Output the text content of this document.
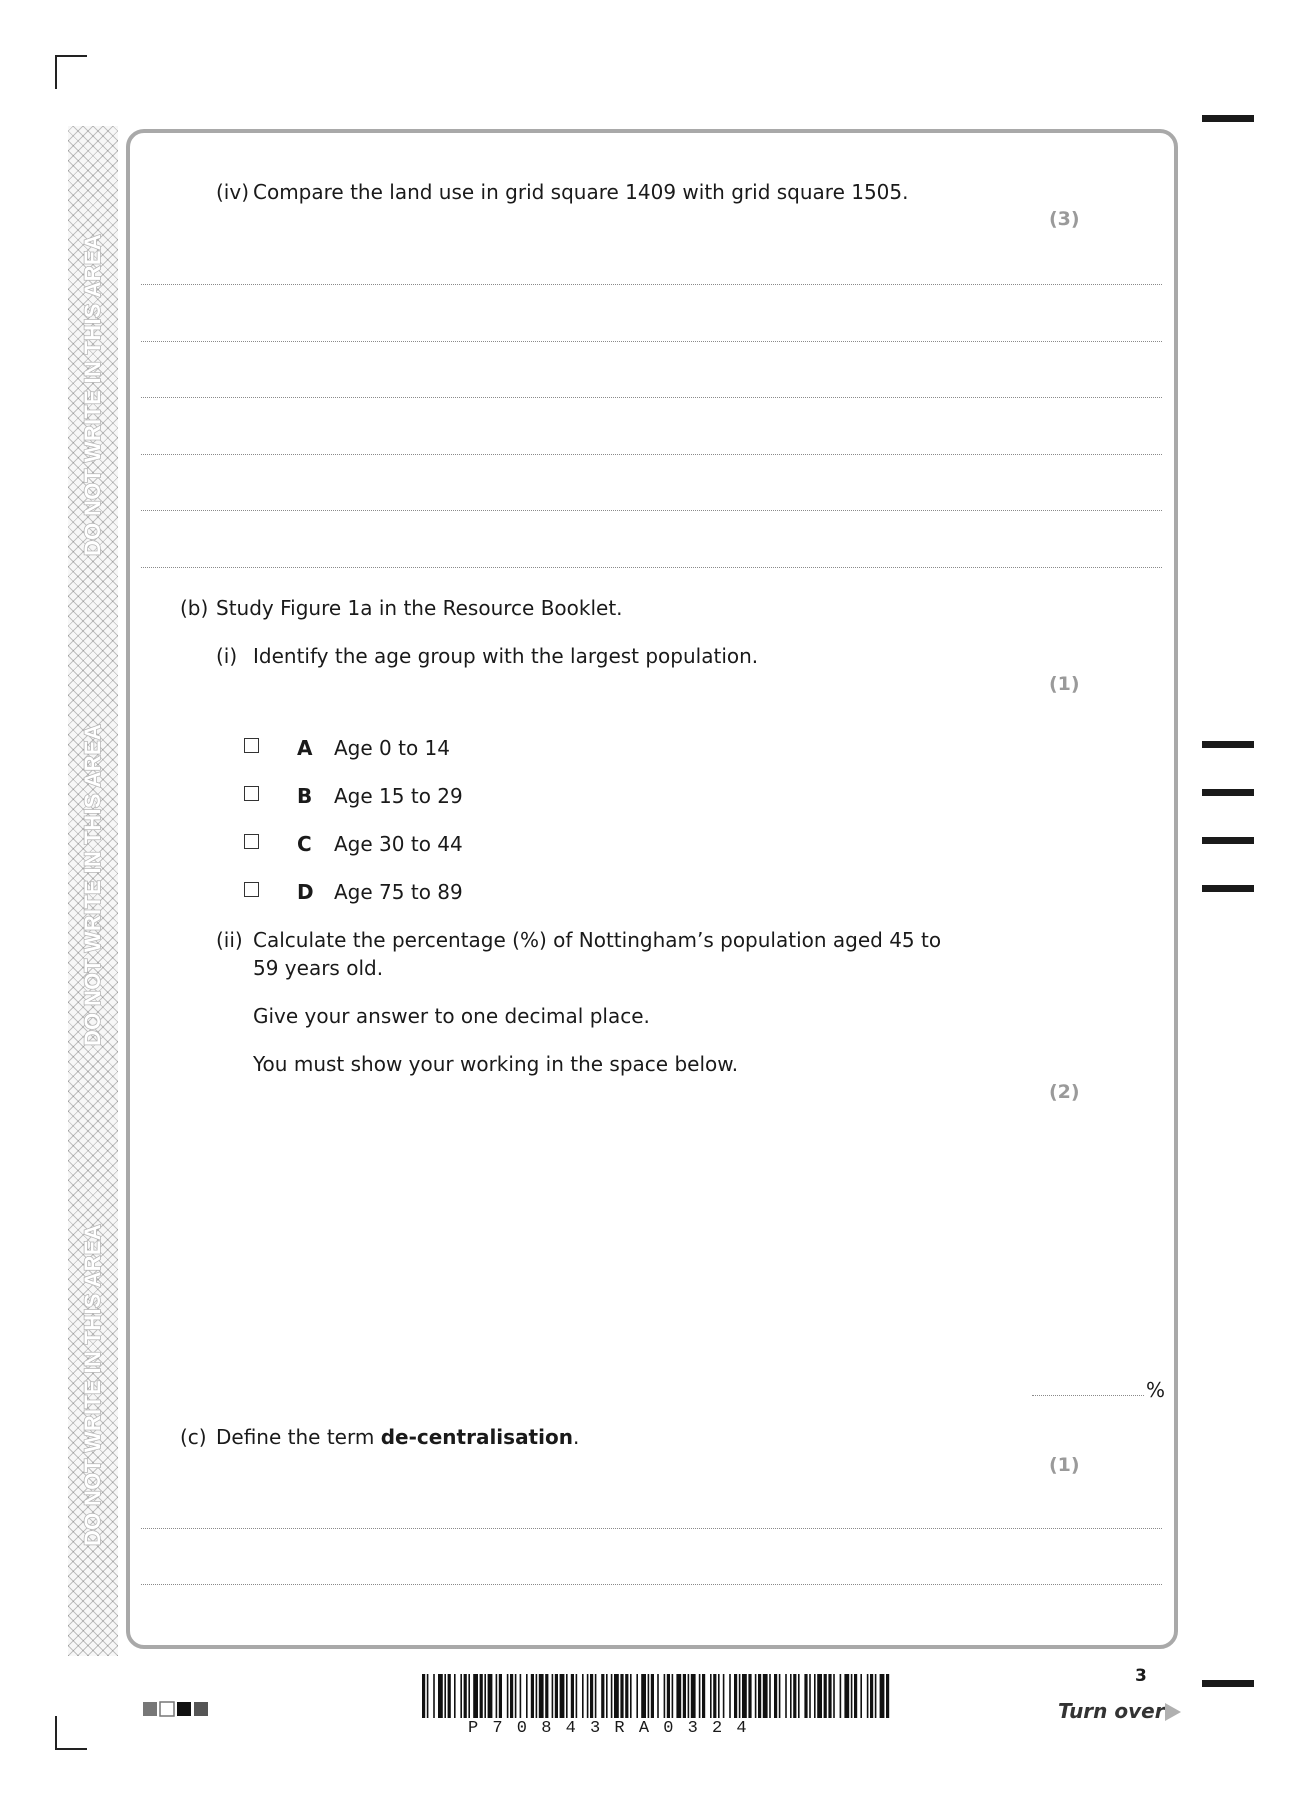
DO NOT WRITE IN THIS AREA
DO NOT WRITE IN THIS AREA
DO NOT WRITE IN THIS AREA
(iv) Compare the land use in grid square 1409 with grid square 1505.
(3)
(b) Study Figure 1a in the Resource Booklet.
(i) Identify the age group with the largest population.
(1)
A Age 0 to 14
B Age 15 to 29
C Age 30 to 44
D Age 75 to 89
(ii) Calculate the percentage (%) of Nottingham’s population aged 45 to
59 years old.
Give your answer to one decimal place.
You must show your working in the space below.
(2)
%
(c) Define the term de-centralisation.
(1)
3
Turn over
P 7 0 8 4 3 R A 0 3 2 4
